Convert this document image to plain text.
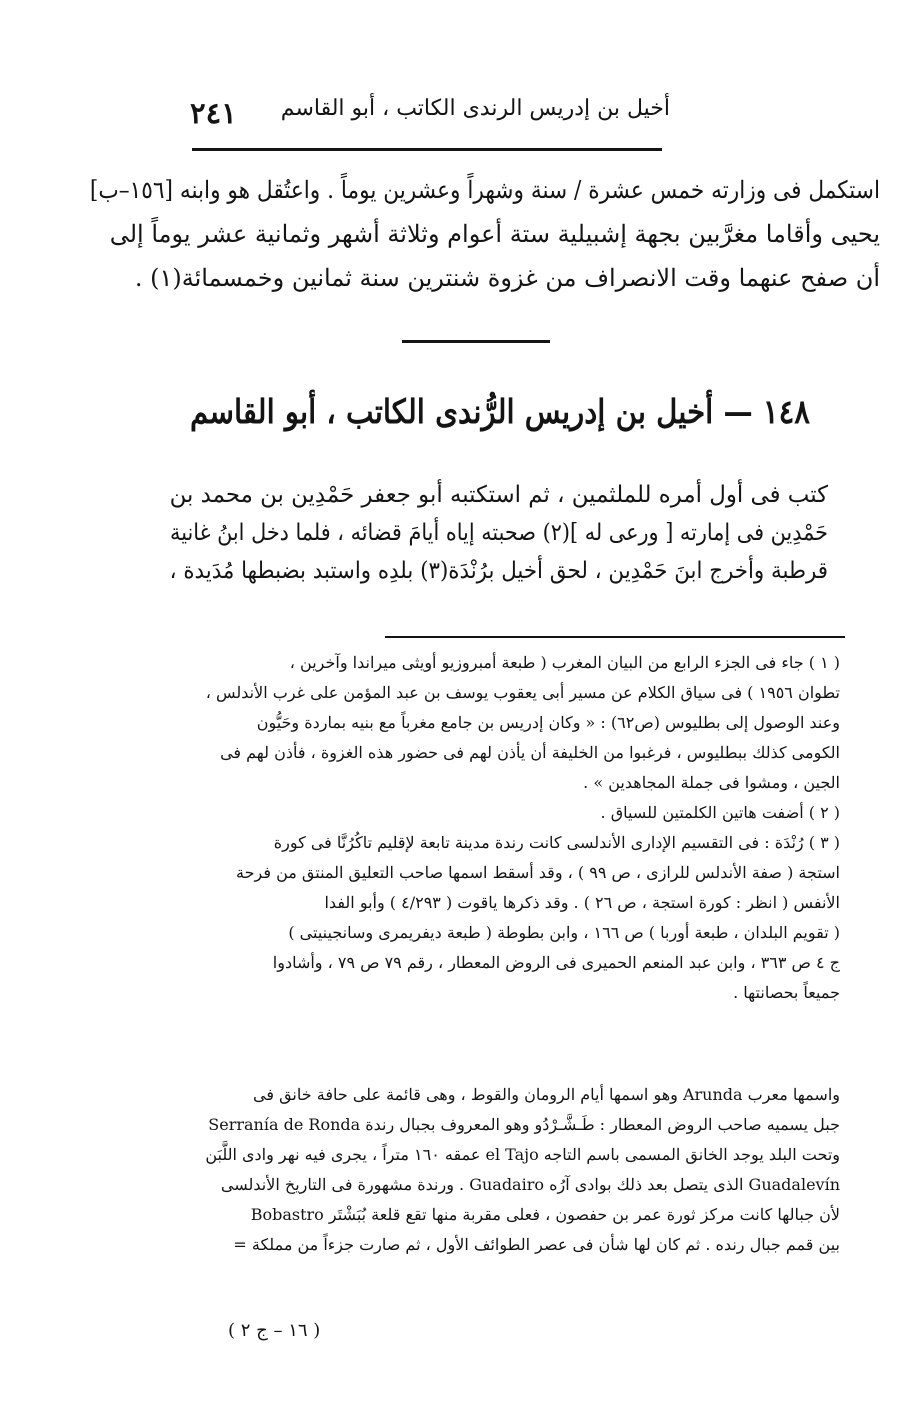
٢٤١ أخيل بن إدريس الرندى الكاتب ، أبو القاسم
استكمل فى وزارته خمس عشرة / سنة وشهراً وعشرين يوماً . واعتُقل هو وابنه [١٥٦–ب]
يحيى وأقاما مغرَّبين بجهة إشبيلية ستة أعوام وثلاثة أشهر وثمانية عشر يوماً إلى
أن صفح عنهما وقت الانصراف من غزوة شنترين سنة ثمانين وخمسمائة(١) .
١٤٨ — أخيل بن إدريس الرُّندى الكاتب ، أبو القاسم
كتب فى أول أمره للملثمين ، ثم استكتبه أبو جعفر حَمْدِين بن محمد بن
حَمْدِين فى إمارته [ ورعى له ](٢) صحبته إياه أيامَ قضائه ، فلما دخل ابنُ غانية
قرطبة وأخرج ابنَ حَمْدِين ، لحق أخيل برُنْدَة(٣) بلدِه واستبد بضبطها مُدَيدة ،
( ١ ) جاء فى الجزء الرابع من البيان المغرب ( طبعة أمبروزيو أويثى ميراندا وآخرين ،
تطوان ١٩٥٦ ) فى سياق الكلام عن مسير أبى يعقوب يوسف بن عبد المؤمن على غرب الأندلس ،
وعند الوصول إلى بطليوس (ص٦٢) : « وكان إدريس بن جامع مغرباً مع بنيه بماردة وحَيُّون
الكومى كذلك ببطليوس ، فرغبوا من الخليفة أن يأذن لهم فى حضور هذه الغزوة ، فأذن لهم فى
الجين ، ومشوا فى جملة المجاهدين » .
( ٢ ) أضفت هاتين الكلمتين للسياق .
( ٣ ) رُنْدَة : فى التقسيم الإدارى الأندلسى كانت رندة مدينة تابعة لإقليم تاكُرُنَّا فى كورة
استجة ( صفة الأندلس للرازى ، ص ٩٩ ) ، وقد أسقط اسمها صاحب التعليق المنتق من فرحة
الأنفس ( انظر : كورة استجة ، ص ٢٦ ) . وقد ذكرها ياقوت ( ٤/٢٩٣ ) وأبو الفدا
( تقويم البلدان ، طبعة أوربا ) ص ١٦٦ ، وابن بطوطة ( طبعة ديفريمرى وسانجينيتى )
ج ٤ ص ٣٦٣ ، وابن عبد المنعم الحميرى فى الروض المعطار ، رقم ٧٩ ص ٧٩ ، وأشادوا
جميعاً بحصانتها .
واسمها معرب Arunda وهو اسمها أيام الرومان والقوط ، وهى قائمة على حافة خانق فى
جبل يسميه صاحب الروض المعطار : طَـشَّـرْدُو وهو المعروف بجبال رندة Serranía de Ronda
وتحت البلد يوجد الخانق المسمى باسم التاجه el Tajo عمقه ١٦٠ متراً ، يجرى فيه نهر وادى اللَّبَن
Guadalevín الذى يتصل بعد ذلك بوادى آرُه Guadairo . ورندة مشهورة فى التاريخ الأندلسى
لأن جبالها كانت مركز ثورة عمر بن حفصون ، فعلى مقربة منها تقع قلعة بُبَشْتَر Bobastro
بين قمم جبال رنده . ثم كان لها شأن فى عصر الطوائف الأول ، ثم صارت جزءاً من مملكة =
( ١٦ – ج ٢ )
